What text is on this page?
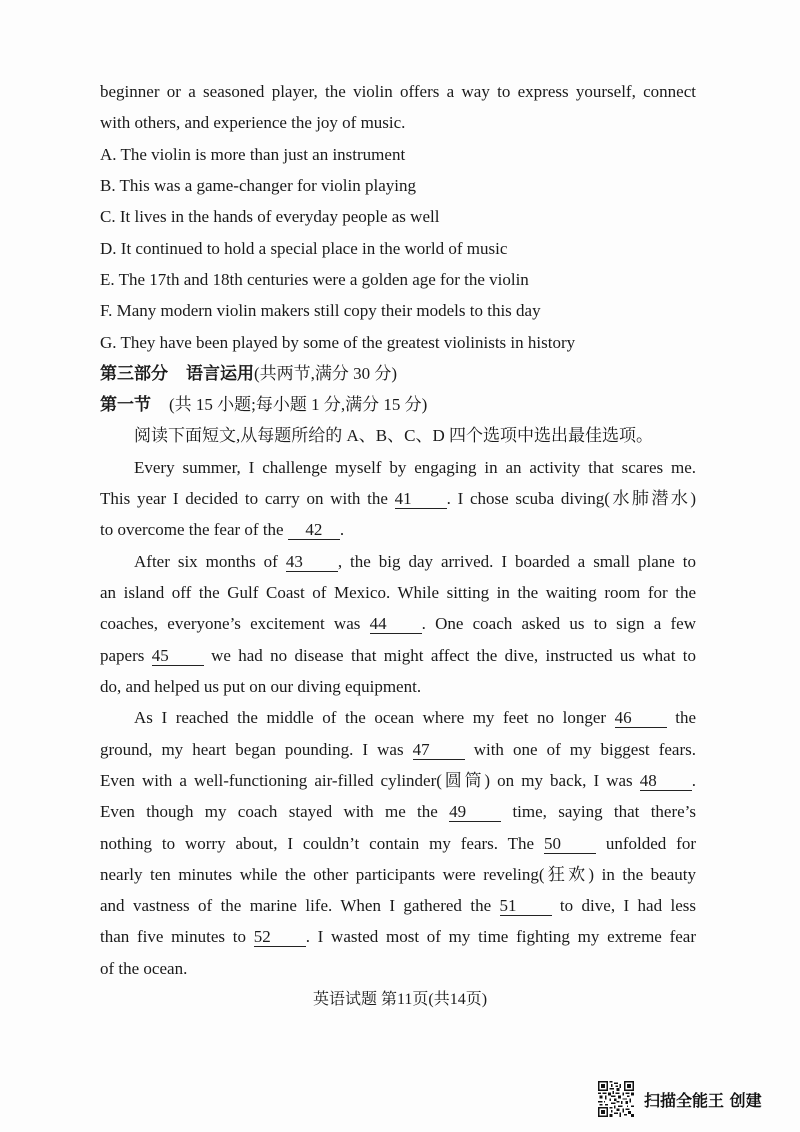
beginner or a seasoned player, the violin offers a way to express yourself, connect
with others, and experience the joy of music.
A. The violin is more than just an instrument
B. This was a game-changer for violin playing
C. It lives in the hands of everyday people as well
D. It continued to hold a special place in the world of music
E. The 17th and 18th centuries were a golden age for the violin
F. Many modern violin makers still copy their models to this day
G. They have been played by some of the greatest violinists in history
第三部分 语言运用(共两节,满分 30 分)
第一节 (共 15 小题;每小题 1 分,满分 15 分)
阅读下面短文,从每题所给的 A、B、C、D 四个选项中选出最佳选项。
Every summer, I challenge myself by engaging in an activity that scares me.
This year I decided to carry on with the 41 . I chose scuba diving(水肺潜水)
to overcome the fear of the 42 .
After six months of 43 , the big day arrived. I boarded a small plane to
an island off the Gulf Coast of Mexico. While sitting in the waiting room for the
coaches, everyone’s excitement was 44 . One coach asked us to sign a few
papers 45 we had no disease that might affect the dive, instructed us what to
do, and helped us put on our diving equipment.
As I reached the middle of the ocean where my feet no longer 46 the
ground, my heart began pounding. I was 47 with one of my biggest fears.
Even with a well-functioning air-filled cylinder(圆筒) on my back, I was 48 .
Even though my coach stayed with me the 49 time, saying that there’s
nothing to worry about, I couldn’t contain my fears. The 50 unfolded for
nearly ten minutes while the other participants were reveling(狂欢) in the beauty
and vastness of the marine life. When I gathered the 51 to dive, I had less
than five minutes to 52 . I wasted most of my time fighting my extreme fear
of the ocean.
英语试题 第11页(共14页)
扫描全能王 创建
